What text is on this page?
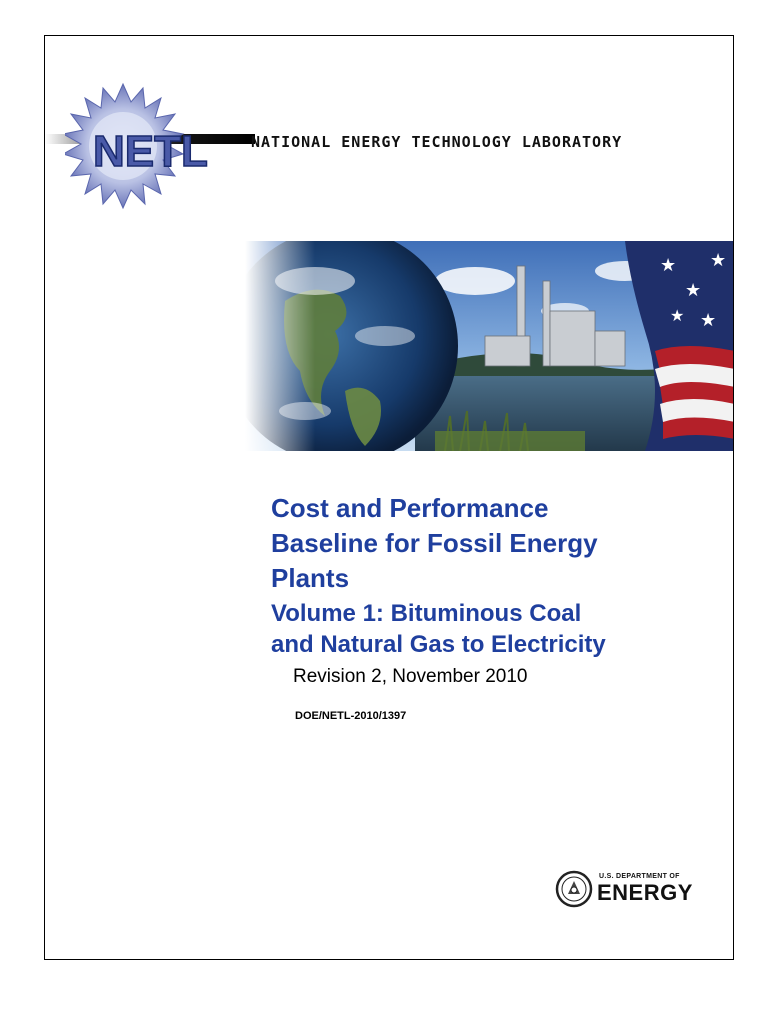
NATIONAL ENERGY TECHNOLOGY LABORATORY
NETL
★
★
★
★
★
Cost and Performance
Baseline for Fossil Energy
Plants
Volume 1: Bituminous Coal
and Natural Gas to Electricity
Revision 2, November 2010
DOE/NETL-2010/1397
U.S. DEPARTMENT OF
ENERGY
